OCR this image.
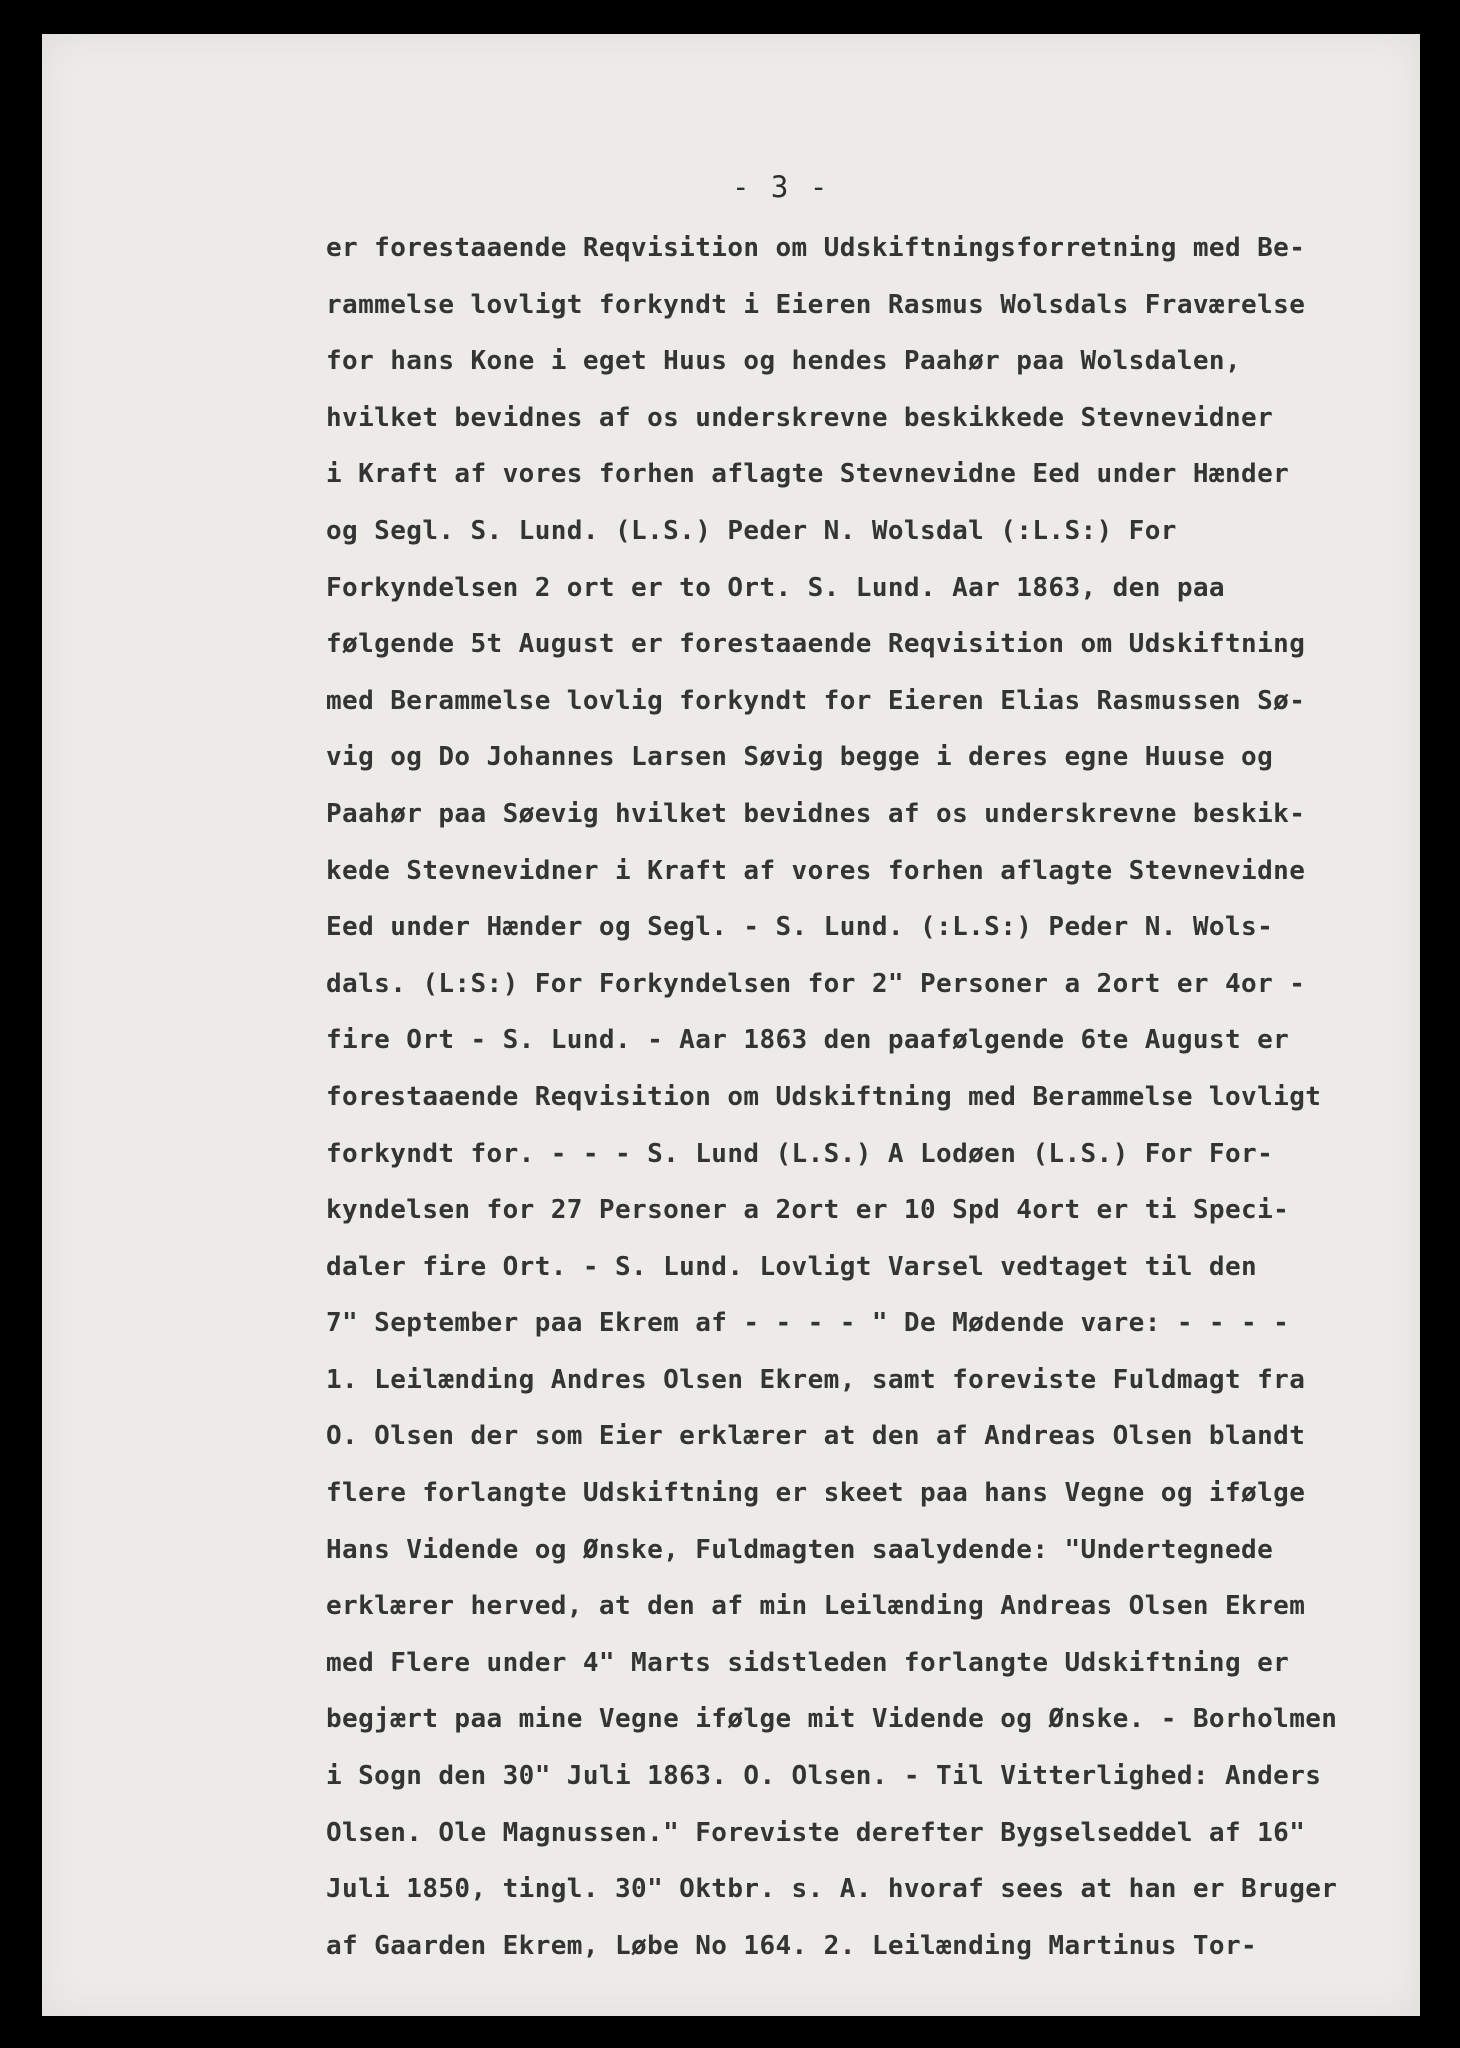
- 3 -
er forestaaende Reqvisition om Udskiftningsforretning med Be-
rammelse lovligt forkyndt i Eieren Rasmus Wolsdals Fraværelse
for hans Kone i eget Huus og hendes Paahør paa Wolsdalen,
hvilket bevidnes af os underskrevne beskikkede Stevnevidner
i Kraft af vores forhen aflagte Stevnevidne Eed under Hænder
og Segl. S. Lund. (L.S.) Peder N. Wolsdal (:L.S:) For
Forkyndelsen 2 ort er to Ort. S. Lund. Aar 1863, den paa
følgende 5t August er forestaaende Reqvisition om Udskiftning
med Berammelse lovlig forkyndt for Eieren Elias Rasmussen Sø-
vig og Do Johannes Larsen Søvig begge i deres egne Huuse og
Paahør paa Søevig hvilket bevidnes af os underskrevne beskik-
kede Stevnevidner i Kraft af vores forhen aflagte Stevnevidne
Eed under Hænder og Segl. - S. Lund. (:L.S:) Peder N. Wols-
dals. (L:S:) For Forkyndelsen for 2" Personer a 2ort er 4or -
fire Ort - S. Lund. - Aar 1863 den paafølgende 6te August er
forestaaende Reqvisition om Udskiftning med Berammelse lovligt
forkyndt for. - - - S. Lund (L.S.) A Lodøen (L.S.) For For-
kyndelsen for 27 Personer a 2ort er 10 Spd 4ort er ti Speci-
daler fire Ort. - S. Lund. Lovligt Varsel vedtaget til den
7" September paa Ekrem af - - - - " De Mødende vare: - - - -
1. Leilænding Andres Olsen Ekrem, samt foreviste Fuldmagt fra
O. Olsen der som Eier erklærer at den af Andreas Olsen blandt
flere forlangte Udskiftning er skeet paa hans Vegne og ifølge
Hans Vidende og Ønske, Fuldmagten saalydende: "Undertegnede
erklærer herved, at den af min Leilænding Andreas Olsen Ekrem
med Flere under 4" Marts sidstleden forlangte Udskiftning er
begjært paa mine Vegne ifølge mit Vidende og Ønske. - Borholmen
i Sogn den 30" Juli 1863. O. Olsen. - Til Vitterlighed: Anders
Olsen. Ole Magnussen." Foreviste derefter Bygselseddel af 16"
Juli 1850, tingl. 30" Oktbr. s. A. hvoraf sees at han er Bruger
af Gaarden Ekrem, Løbe No 164. 2. Leilænding Martinus Tor-
